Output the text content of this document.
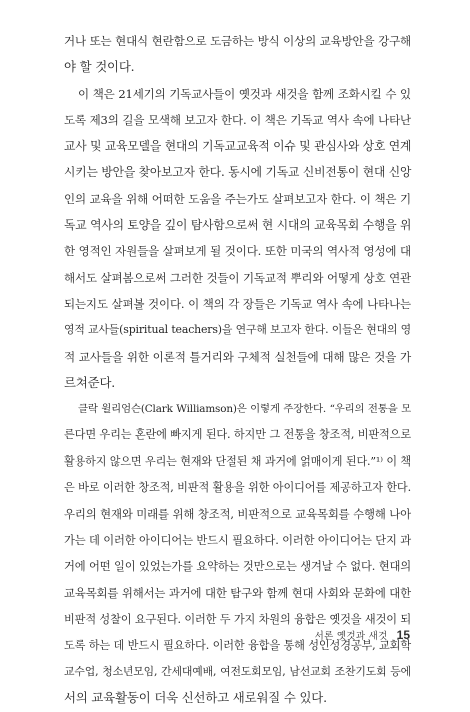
거나 또는 현대식 현란함으로 도금하는 방식 이상의 교육방안을 강구해
야 할 것이다.
이 책은 21세기의 기독교사들이 옛것과 새것을 함께 조화시킬 수 있
도록 제3의 길을 모색해 보고자 한다. 이 책은 기독교 역사 속에 나타난
교사 및 교육모델을 현대의 기독교교육적 이슈 및 관심사와 상호 연계
시키는 방안을 찾아보고자 한다. 동시에 기독교 신비전통이 현대 신앙
인의 교육을 위해 어떠한 도움을 주는가도 살펴보고자 한다. 이 책은 기
독교 역사의 토양을 깊이 탐사함으로써 현 시대의 교육목회 수행을 위
한 영적인 자원들을 살펴보게 될 것이다. 또한 미국의 역사적 영성에 대
해서도 살펴봄으로써 그러한 것들이 기독교적 뿌리와 어떻게 상호 연관
되는지도 살펴볼 것이다. 이 책의 각 장들은 기독교 역사 속에 나타나는
영적 교사들(spiritual teachers)을 연구해 보고자 한다. 이들은 현대의 영
적 교사들을 위한 이론적 틀거리와 구체적 실천들에 대해 많은 것을 가
르쳐준다.
클락 윌리엄슨(Clark Williamson)은 이렇게 주장한다. “우리의 전통을 모
른다면 우리는 혼란에 빠지게 된다. 하지만 그 전통을 창조적, 비판적으로
활용하지 않으면 우리는 현재와 단절된 채 과거에 얽매이게 된다.”¹⁾ 이 책
은 바로 이러한 창조적, 비판적 활용을 위한 아이디어를 제공하고자 한다.
우리의 현재와 미래를 위해 창조적, 비판적으로 교육목회를 수행해 나아
가는 데 이러한 아이디어는 반드시 필요하다. 이러한 아이디어는 단지 과
거에 어떤 일이 있었는가를 요약하는 것만으로는 생겨날 수 없다. 현대의
교육목회를 위해서는 과거에 대한 탐구와 함께 현대 사회와 문화에 대한
비판적 성찰이 요구된다. 이러한 두 가지 차원의 융합은 옛것을 새것이 되
도록 하는 데 반드시 필요하다. 이러한 융합을 통해 성인성경공부, 교회학
교수업, 청소년모임, 간세대예배, 여전도회모임, 남선교회 조찬기도회 등에
서의 교육활동이 더욱 신선하고 새로워질 수 있다.
서론 옛것과 새것 15
